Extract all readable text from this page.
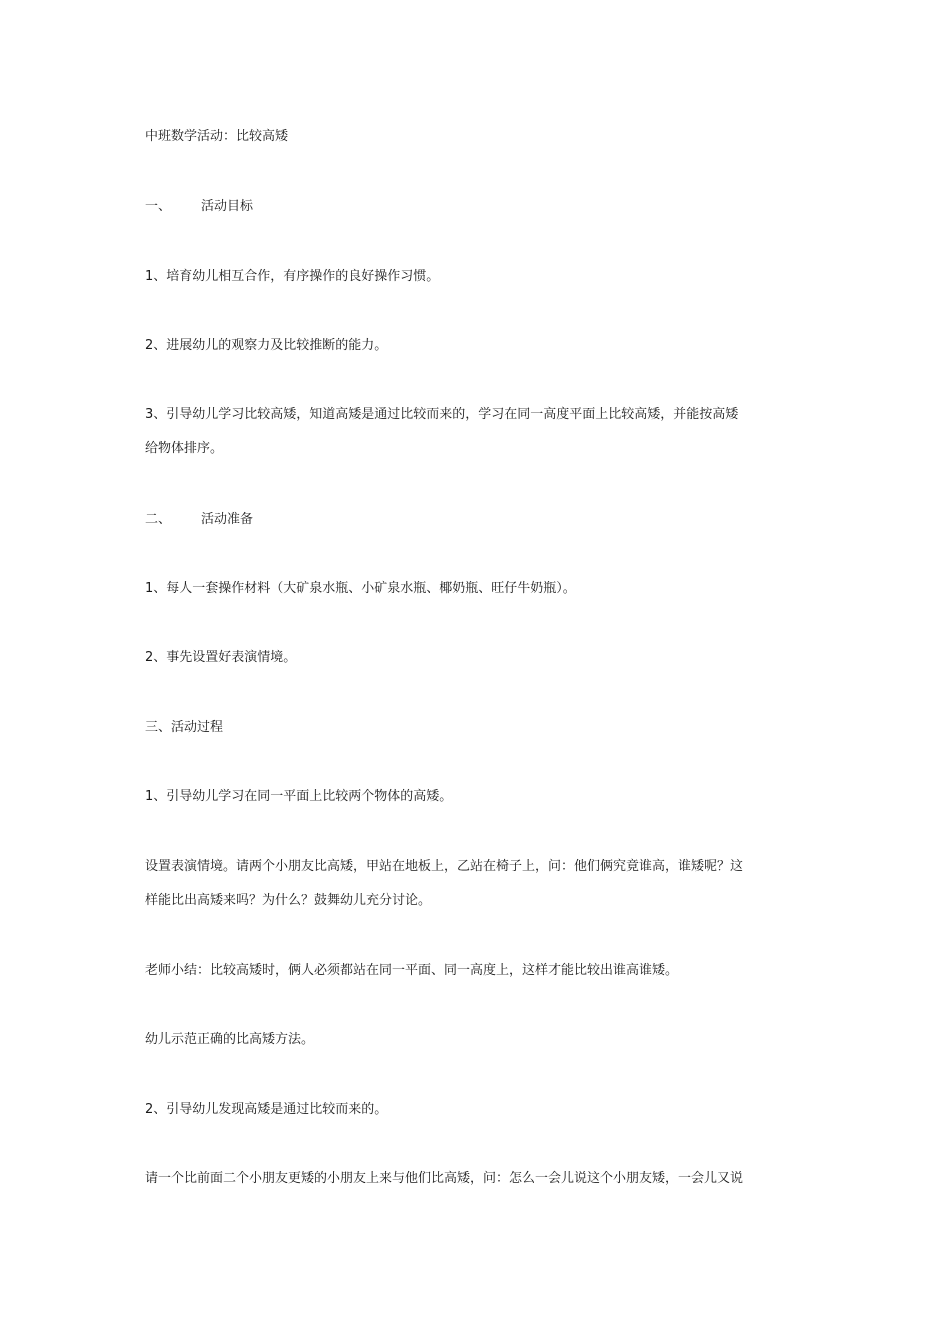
中班数学活动：比较高矮
一、 活动目标
1、培育幼儿相互合作，有序操作的良好操作习惯。
2、进展幼儿的观察力及比较推断的能力。
3、引导幼儿学习比较高矮，知道高矮是通过比较而来的，学习在同一高度平面上比较高矮，并能按高矮
给物体排序。
二、 活动准备
1、每人一套操作材料（大矿泉水瓶、小矿泉水瓶、椰奶瓶、旺仔牛奶瓶）。
2、事先设置好表演情境。
三、活动过程
1、引导幼儿学习在同一平面上比较两个物体的高矮。
设置表演情境。请两个小朋友比高矮，甲站在地板上，乙站在椅子上，问：他们俩究竟谁高，谁矮呢？这
样能比出高矮来吗？为什么？鼓舞幼儿充分讨论。
老师小结：比较高矮时，俩人必须都站在同一平面、同一高度上，这样才能比较出谁高谁矮。
幼儿示范正确的比高矮方法。
2、引导幼儿发现高矮是通过比较而来的。
请一个比前面二个小朋友更矮的小朋友上来与他们比高矮，问：怎么一会儿说这个小朋友矮，一会儿又说
